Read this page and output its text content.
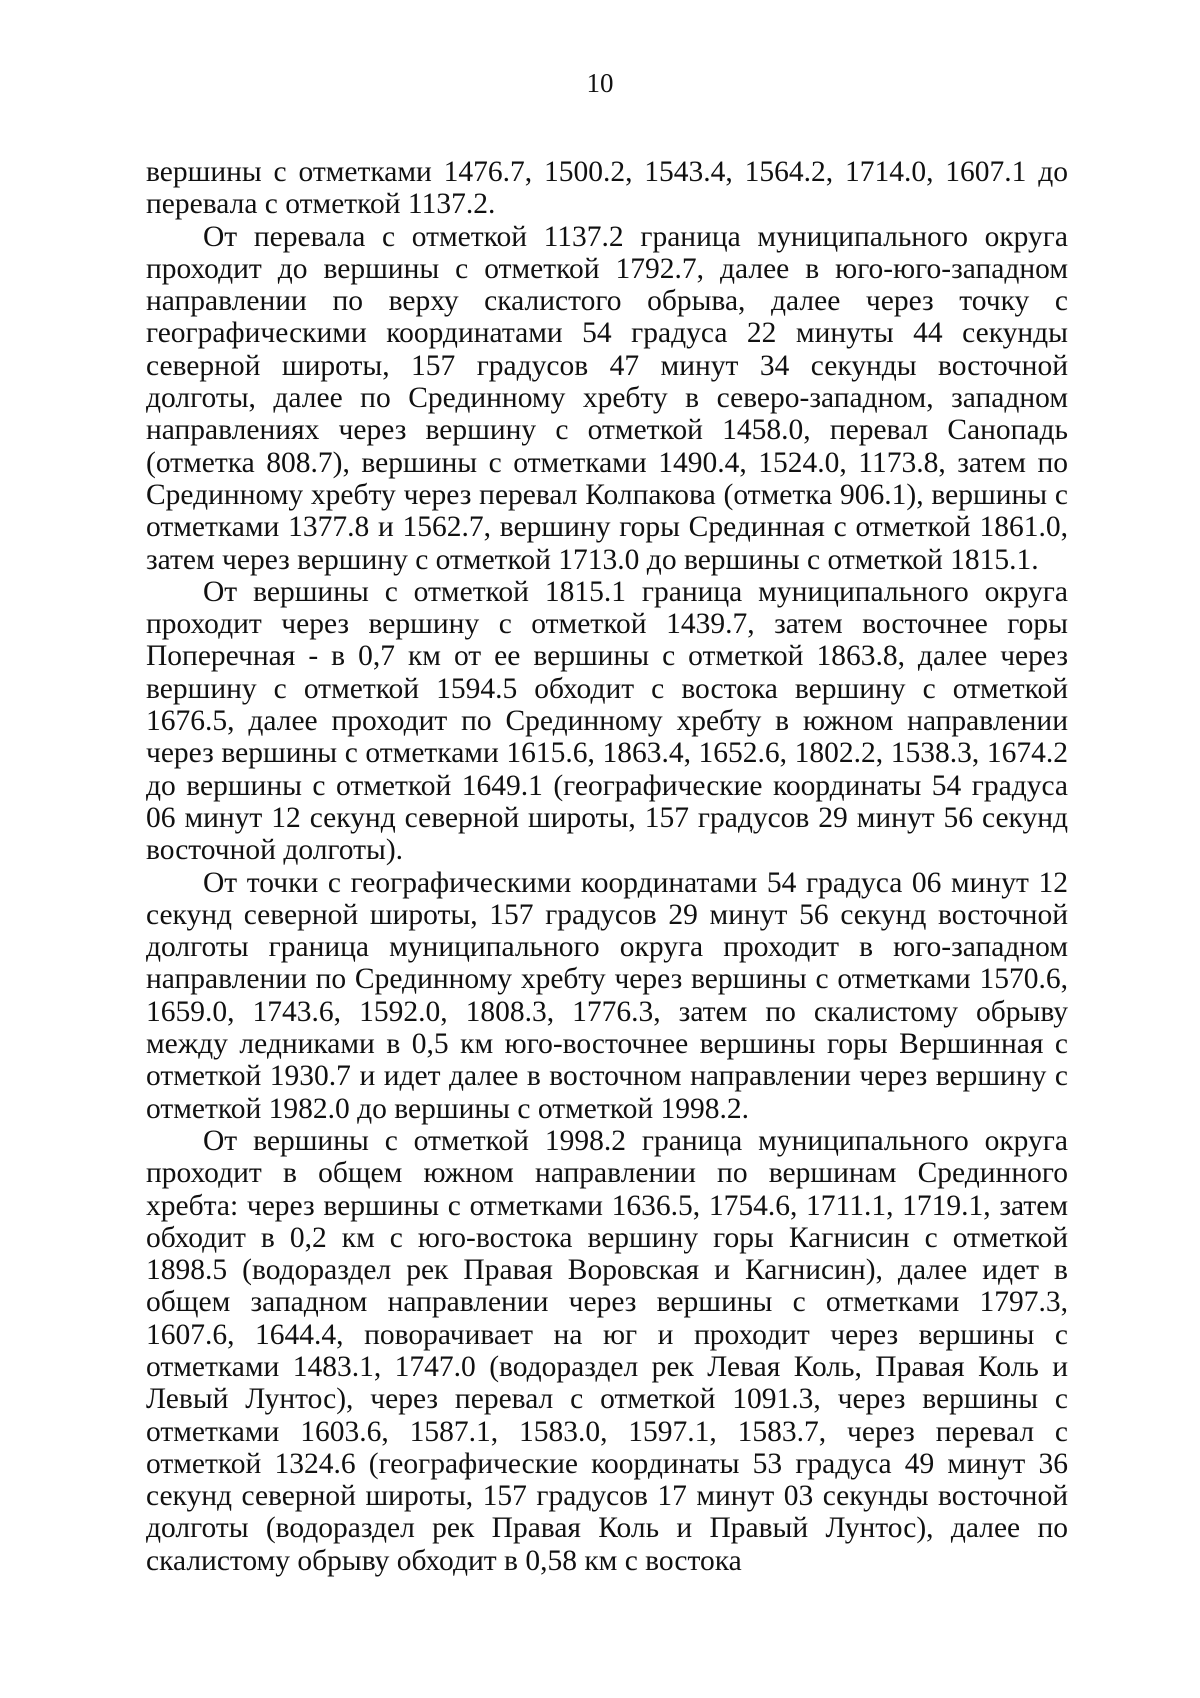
10

вершины с отметками 1476.7, 1500.2, 1543.4, 1564.2, 1714.0, 1607.1 до перевала с отметкой 1137.2.

От перевала с отметкой 1137.2 граница муниципального округа проходит до вершины с отметкой 1792.7, далее в юго-юго-западном направлении по верху скалистого обрыва, далее через точку с географическими координатами 54 градуса 22 минуты 44 секунды северной широты, 157 градусов 47 минут 34 секунды восточной долготы, далее по Срединному хребту в северо-западном, западном направлениях через вершину с отметкой 1458.0, перевал Санопадь (отметка 808.7), вершины с отметками 1490.4, 1524.0, 1173.8, затем по Срединному хребту через перевал Колпакова (отметка 906.1), вершины с отметками 1377.8 и 1562.7, вершину горы Срединная с отметкой 1861.0, затем через вершину с отметкой 1713.0 до вершины с отметкой 1815.1.

От вершины с отметкой 1815.1 граница муниципального округа проходит через вершину с отметкой 1439.7, затем восточнее горы Поперечная - в 0,7 км от ее вершины с отметкой 1863.8, далее через вершину с отметкой 1594.5 обходит с востока вершину с отметкой 1676.5, далее проходит по Срединному хребту в южном направлении через вершины с отметками 1615.6, 1863.4, 1652.6, 1802.2, 1538.3, 1674.2 до вершины с отметкой 1649.1 (географические координаты 54 градуса 06 минут 12 секунд северной широты, 157 градусов 29 минут 56 секунд восточной долготы).

От точки с географическими координатами 54 градуса 06 минут 12 секунд северной широты, 157 градусов 29 минут 56 секунд восточной долготы граница муниципального округа проходит в юго-западном направлении по Срединному хребту через вершины с отметками 1570.6, 1659.0, 1743.6, 1592.0, 1808.3, 1776.3, затем по скалистому обрыву между ледниками в 0,5 км юго-восточнее вершины горы Вершинная с отметкой 1930.7 и идет далее в восточном направлении через вершину с отметкой 1982.0 до вершины с отметкой 1998.2.

От вершины с отметкой 1998.2 граница муниципального округа проходит в общем южном направлении по вершинам Срединного хребта: через вершины с отметками 1636.5, 1754.6, 1711.1, 1719.1, затем обходит в 0,2 км с юго-востока вершину горы Кагнисин с отметкой 1898.5 (водораздел рек Правая Воровская и Кагнисин), далее идет в общем западном направлении через вершины с отметками 1797.3, 1607.6, 1644.4, поворачивает на юг и проходит через вершины с отметками 1483.1, 1747.0 (водораздел рек Левая Коль, Правая Коль и Левый Лунтос), через перевал с отметкой 1091.3, через вершины с отметками 1603.6, 1587.1, 1583.0, 1597.1, 1583.7, через перевал с отметкой 1324.6 (географические координаты 53 градуса 49 минут 36 секунд северной широты, 157 градусов 17 минут 03 секунды восточной долготы (водораздел рек Правая Коль и Правый Лунтос), далее по скалистому обрыву обходит в 0,58 км с востока
